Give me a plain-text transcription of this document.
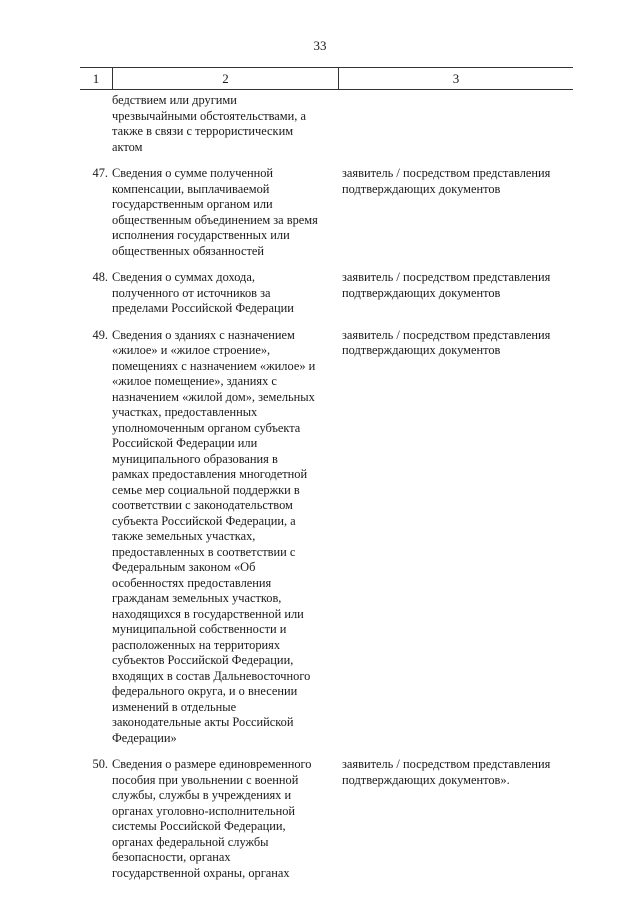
33
1	2	3
бедствием или другими
чрезвычайными обстоятельствами, а
также в связи с террористическим
актом
47. Сведения о сумме полученной
компенсации, выплачиваемой
государственным органом или
общественным объединением за время
исполнения государственных или
общественных обязанностей
заявитель / посредством представления
подтверждающих документов
48. Сведения о суммах дохода,
полученного от источников за
пределами Российской Федерации
заявитель / посредством представления
подтверждающих документов
49. Сведения о зданиях с назначением
«жилое» и «жилое строение»,
помещениях с назначением «жилое» и
«жилое помещение», зданиях с
назначением «жилой дом», земельных
участках, предоставленных
уполномоченным органом субъекта
Российской Федерации или
муниципального образования в
рамках предоставления многодетной
семье мер социальной поддержки в
соответствии с законодательством
субъекта Российской Федерации, а
также земельных участках,
предоставленных в соответствии с
Федеральным законом «Об
особенностях предоставления
гражданам земельных участков,
находящихся в государственной или
муниципальной собственности и
расположенных на территориях
субъектов Российской Федерации,
входящих в состав Дальневосточного
федерального округа, и о внесении
изменений в отдельные
законодательные акты Российской
Федерации»
заявитель / посредством представления
подтверждающих документов
50. Сведения о размере единовременного
пособия при увольнении с военной
службы, службы в учреждениях и
органах уголовно-исполнительной
системы Российской Федерации,
органах федеральной службы
безопасности, органах
государственной охраны, органах
заявитель / посредством представления
подтверждающих документов».
